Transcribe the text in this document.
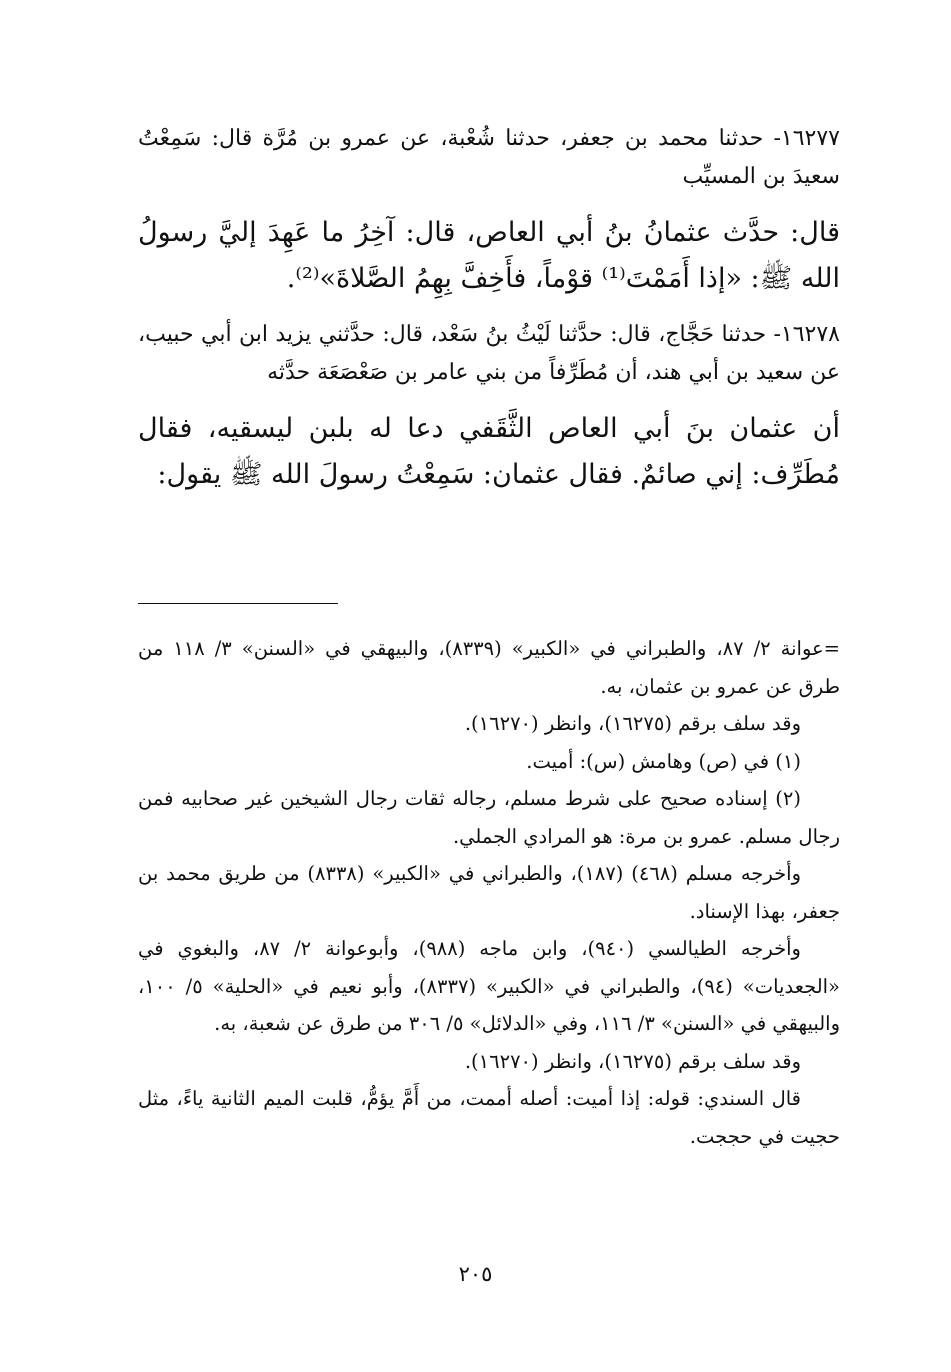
١٦٢٧٧- حدثنا محمد بن جعفر، حدثنا شُعْبة، عن عمرو بن مُرَّة قال: سَمِعْتُ سعيدَ بن المسيِّب

قال: حدَّث عثمانُ بنُ أبي العاص، قال: آخِرُ ما عَهِدَ إليَّ رسولُ الله ﷺ: «إذا أَمَمْتَ⁽¹⁾ قوْماً، فأَخِفَّ بِهِمُ الصَّلاةَ»⁽²⁾.

١٦٢٧٨- حدثنا حَجَّاج، قال: حدَّثنا لَيْثُ بنُ سَعْد، قال: حدَّثني يزيد ابن أبي حبيب، عن سعيد بن أبي هند، أن مُطَرِّفاً من بني عامر بن صَعْصَعَة حدَّثه

أن عثمان بنَ أبي العاص الثَّقَفي دعا له بلبن ليسقيه، فقال مُطَرِّف: إني صائمٌ. فقال عثمان: سَمِعْتُ رسولَ الله ﷺ يقول:

=عوانة ٢/ ٨٧، والطبراني في «الكبير» (٨٣٣٩)، والبيهقي في «السنن» ٣/ ١١٨ من طرق عن عمرو بن عثمان، به.

وقد سلف برقم (١٦٢٧٥)، وانظر (١٦٢٧٠).

(١) في (ص) وهامش (س): أميت.

(٢) إسناده صحيح على شرط مسلم، رجاله ثقات رجال الشيخين غير صحابيه فمن رجال مسلم. عمرو بن مرة: هو المرادي الجملي.

وأخرجه مسلم (٤٦٨) (١٨٧)، والطبراني في «الكبير» (٨٣٣٨) من طريق محمد بن جعفر، بهذا الإسناد.

وأخرجه الطيالسي (٩٤٠)، وابن ماجه (٩٨٨)، وأبوعوانة ٢/ ٨٧، والبغوي في «الجعديات» (٩٤)، والطبراني في «الكبير» (٨٣٣٧)، وأبو نعيم في «الحلية» ٥/ ١٠٠، والبيهقي في «السنن» ٣/ ١١٦، وفي «الدلائل» ٥/ ٣٠٦ من طرق عن شعبة، به.

وقد سلف برقم (١٦٢٧٥)، وانظر (١٦٢٧٠).

قال السندي: قوله: إذا أميت: أصله أممت، من أَمَّ يؤمُّ، قلبت الميم الثانية ياءً، مثل حجيت في حججت.

٢٠٥
